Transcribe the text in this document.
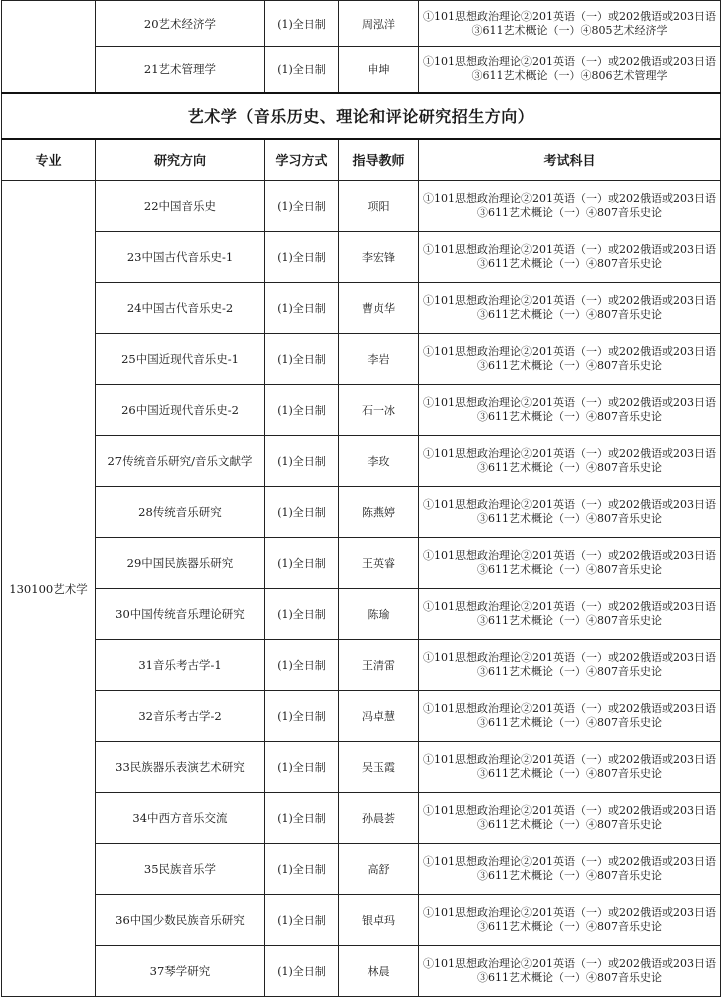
	20艺术经济学	(1)全日制	周泓洋	①101思想政治理论②201英语（一）或202俄语或203日语
③611艺术概论（一）④805艺术经济学

	21艺术管理学	(1)全日制	申坤	①101思想政治理论②201英语（一）或202俄语或203日语
③611艺术概论（一）④806艺术管理学

艺术学（音乐历史、理论和评论研究招生方向）				
专业	研究方向	学习方式	指导教师	考试科目
130100艺术学	22中国音乐史	(1)全日制	项阳	①101思想政治理论②201英语（一）或202俄语或203日语
③611艺术概论（一）④807音乐史论

	23中国古代音乐史-1	(1)全日制	李宏锋	①101思想政治理论②201英语（一）或202俄语或203日语
③611艺术概论（一）④807音乐史论

	24中国古代音乐史-2	(1)全日制	曹贞华	①101思想政治理论②201英语（一）或202俄语或203日语
③611艺术概论（一）④807音乐史论

	25中国近现代音乐史-1	(1)全日制	李岩	①101思想政治理论②201英语（一）或202俄语或203日语
③611艺术概论（一）④807音乐史论

	26中国近现代音乐史-2	(1)全日制	石一冰	①101思想政治理论②201英语（一）或202俄语或203日语
③611艺术概论（一）④807音乐史论

	27传统音乐研究/音乐文献学	(1)全日制	李玫	①101思想政治理论②201英语（一）或202俄语或203日语
③611艺术概论（一）④807音乐史论

	28传统音乐研究	(1)全日制	陈燕婷	①101思想政治理论②201英语（一）或202俄语或203日语
③611艺术概论（一）④807音乐史论

	29中国民族器乐研究	(1)全日制	王英睿	①101思想政治理论②201英语（一）或202俄语或203日语
③611艺术概论（一）④807音乐史论

	30中国传统音乐理论研究	(1)全日制	陈瑜	①101思想政治理论②201英语（一）或202俄语或203日语
③611艺术概论（一）④807音乐史论

	31音乐考古学-1	(1)全日制	王清雷	①101思想政治理论②201英语（一）或202俄语或203日语
③611艺术概论（一）④807音乐史论

	32音乐考古学-2	(1)全日制	冯卓慧	①101思想政治理论②201英语（一）或202俄语或203日语
③611艺术概论（一）④807音乐史论

	33民族器乐表演艺术研究	(1)全日制	吴玉霞	①101思想政治理论②201英语（一）或202俄语或203日语
③611艺术概论（一）④807音乐史论

	34中西方音乐交流	(1)全日制	孙晨荟	①101思想政治理论②201英语（一）或202俄语或203日语
③611艺术概论（一）④807音乐史论

	35民族音乐学	(1)全日制	高舒	①101思想政治理论②201英语（一）或202俄语或203日语
③611艺术概论（一）④807音乐史论

	36中国少数民族音乐研究	(1)全日制	银卓玛	①101思想政治理论②201英语（一）或202俄语或203日语
③611艺术概论（一）④807音乐史论

	37琴学研究	(1)全日制	林晨	①101思想政治理论②201英语（一）或202俄语或203日语
③611艺术概论（一）④807音乐史论
